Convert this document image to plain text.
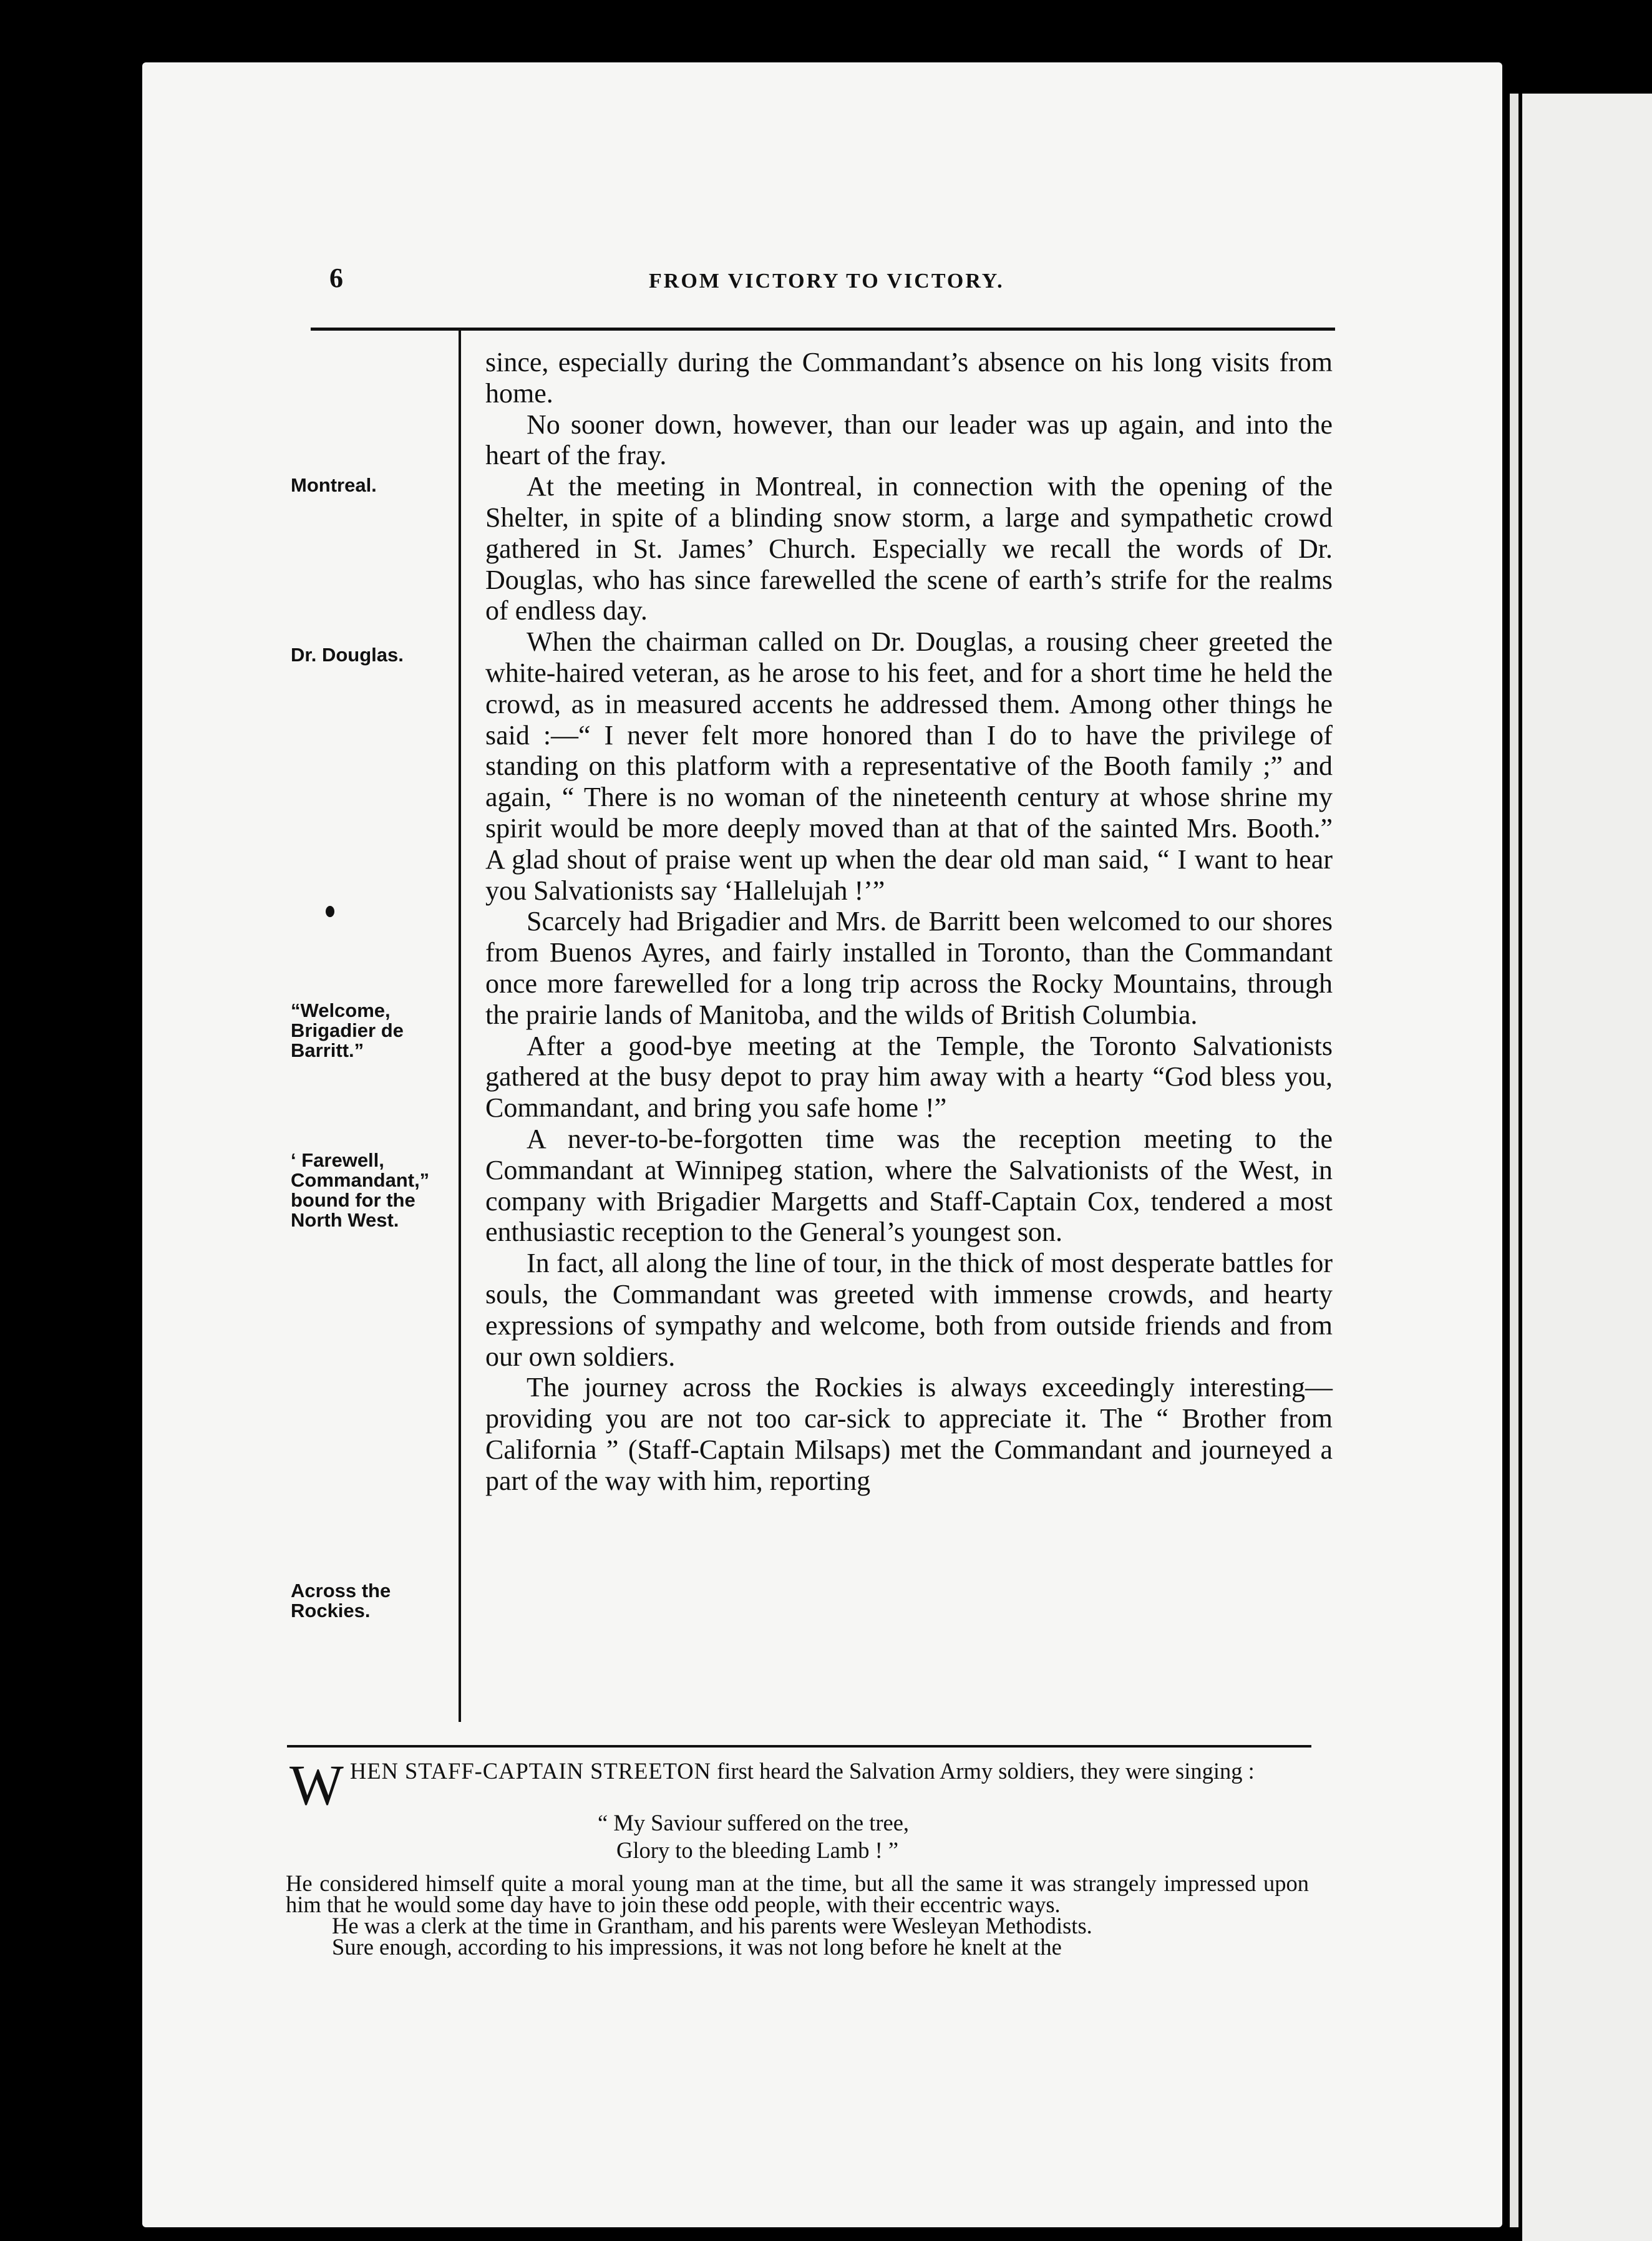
6	FROM VICTORY TO VICTORY.
Montreal.
Dr. Douglas.
“Welcome, Brigadier de Barritt.”
‘ Farewell, Commandant,” bound for the North West.
Across the Rockies.

since, especially during the Commandant’s absence on his long visits from home.

No sooner down, however, than our leader was up again, and into the heart of the fray.

At the meeting in Montreal, in connection with the opening of the Shelter, in spite of a blinding snow storm, a large and sympathetic crowd gathered in St. James’ Church. Especially we recall the words of Dr. Douglas, who has since farewelled the scene of earth’s strife for the realms of endless day.

When the chairman called on Dr. Douglas, a rousing cheer greeted the white-haired veteran, as he arose to his feet, and for a short time he held the crowd, as in measured accents he addressed them. Among other things he said :—“ I never felt more honored than I do to have the privilege of standing on this platform with a representative of the Booth family ;” and again, “ There is no woman of the nineteenth century at whose shrine my spirit would be more deeply moved than at that of the sainted Mrs. Booth.” A glad shout of praise went up when the dear old man said, “ I want to hear you Salvationists say ‘Hallelujah !’”

Scarcely had Brigadier and Mrs. de Barritt been welcomed to our shores from Buenos Ayres, and fairly installed in Toronto, than the Commandant once more farewelled for a long trip across the Rocky Mountains, through the prairie lands of Manitoba, and the wilds of British Columbia.

After a good-bye meeting at the Temple, the Toronto Salvationists gathered at the busy depot to pray him away with a hearty “God bless you, Commandant, and bring you safe home !”

A never-to-be-forgotten time was the reception meeting to the Commandant at Winnipeg station, where the Salvationists of the West, in company with Brigadier Margetts and Staff-Captain Cox, tendered a most enthusiastic reception to the General’s youngest son.

In fact, all along the line of tour, in the thick of most desperate battles for souls, the Commandant was greeted with immense crowds, and hearty expressions of sympathy and welcome, both from outside friends and from our own soldiers.

The journey across the Rockies is always exceedingly interesting—providing you are not too car-sick to appreciate it. The “ Brother from California ” (Staff-Captain Milsaps) met the Commandant and journeyed a part of the way with him, reporting

W HEN STAFF-CAPTAIN STREETON first heard the Salvation Army soldiers, they were singing :

“ My Saviour suffered on the tree,
Glory to the bleeding Lamb ! ”

He considered himself quite a moral young man at the time, but all the same it was strangely impressed upon him that he would some day have to join these odd people, with their eccentric ways.

He was a clerk at the time in Grantham, and his parents were Wesleyan Methodists.

Sure enough, according to his impressions, it was not long before he knelt at the
